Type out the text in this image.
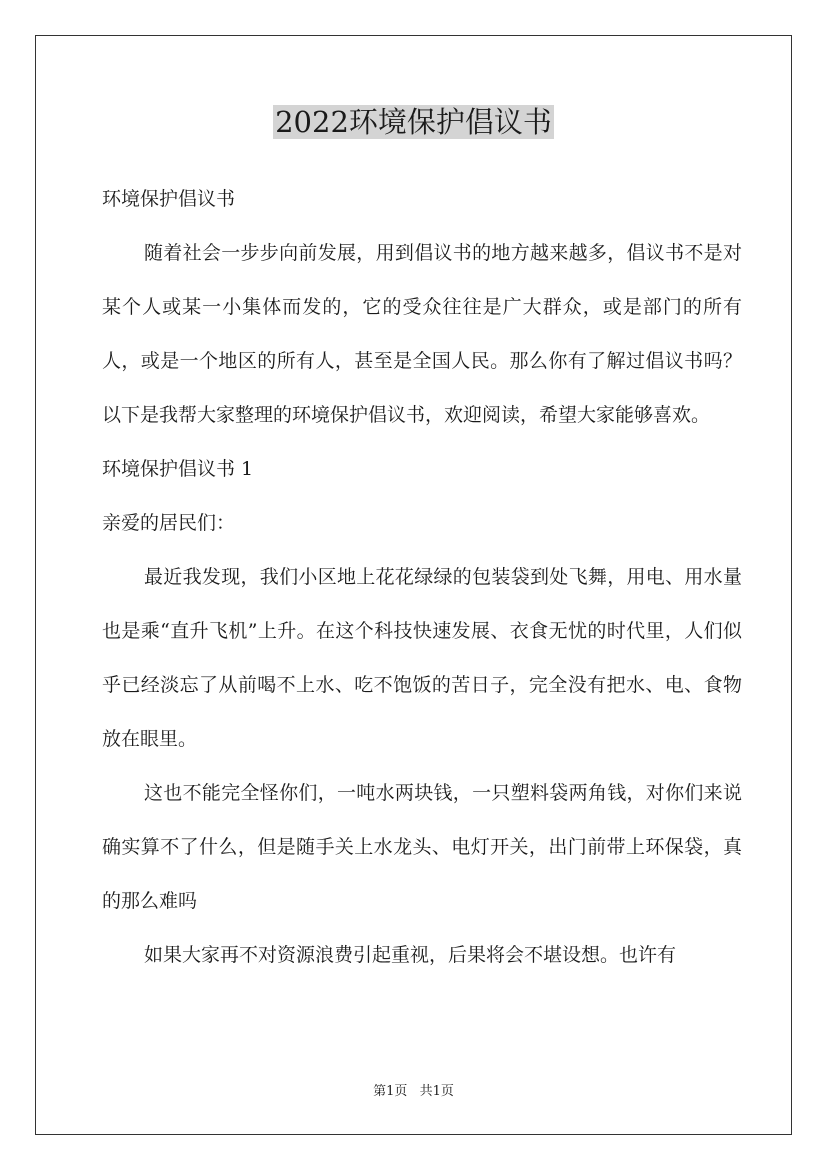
2022环境保护倡议书

环境保护倡议书

随着社会一步步向前发展，用到倡议书的地方越来越多，倡议书不是对某个人或某一小集体而发的，它的受众往往是广大群众，或是部门的所有人，或是一个地区的所有人，甚至是全国人民。那么你有了解过倡议书吗？以下是我帮大家整理的环境保护倡议书，欢迎阅读，希望大家能够喜欢。

环境保护倡议书 1

亲爱的居民们：

最近我发现，我们小区地上花花绿绿的包装袋到处飞舞，用电、用水量也是乘“直升飞机”上升。在这个科技快速发展、衣食无忧的时代里，人们似乎已经淡忘了从前喝不上水、吃不饱饭的苦日子，完全没有把水、电、食物放在眼里。

这也不能完全怪你们，一吨水两块钱，一只塑料袋两角钱，对你们来说确实算不了什么，但是随手关上水龙头、电灯开关，出门前带上环保袋，真的那么难吗

如果大家再不对资源浪费引起重视，后果将会不堪设想。也许有

第1页 共1页
